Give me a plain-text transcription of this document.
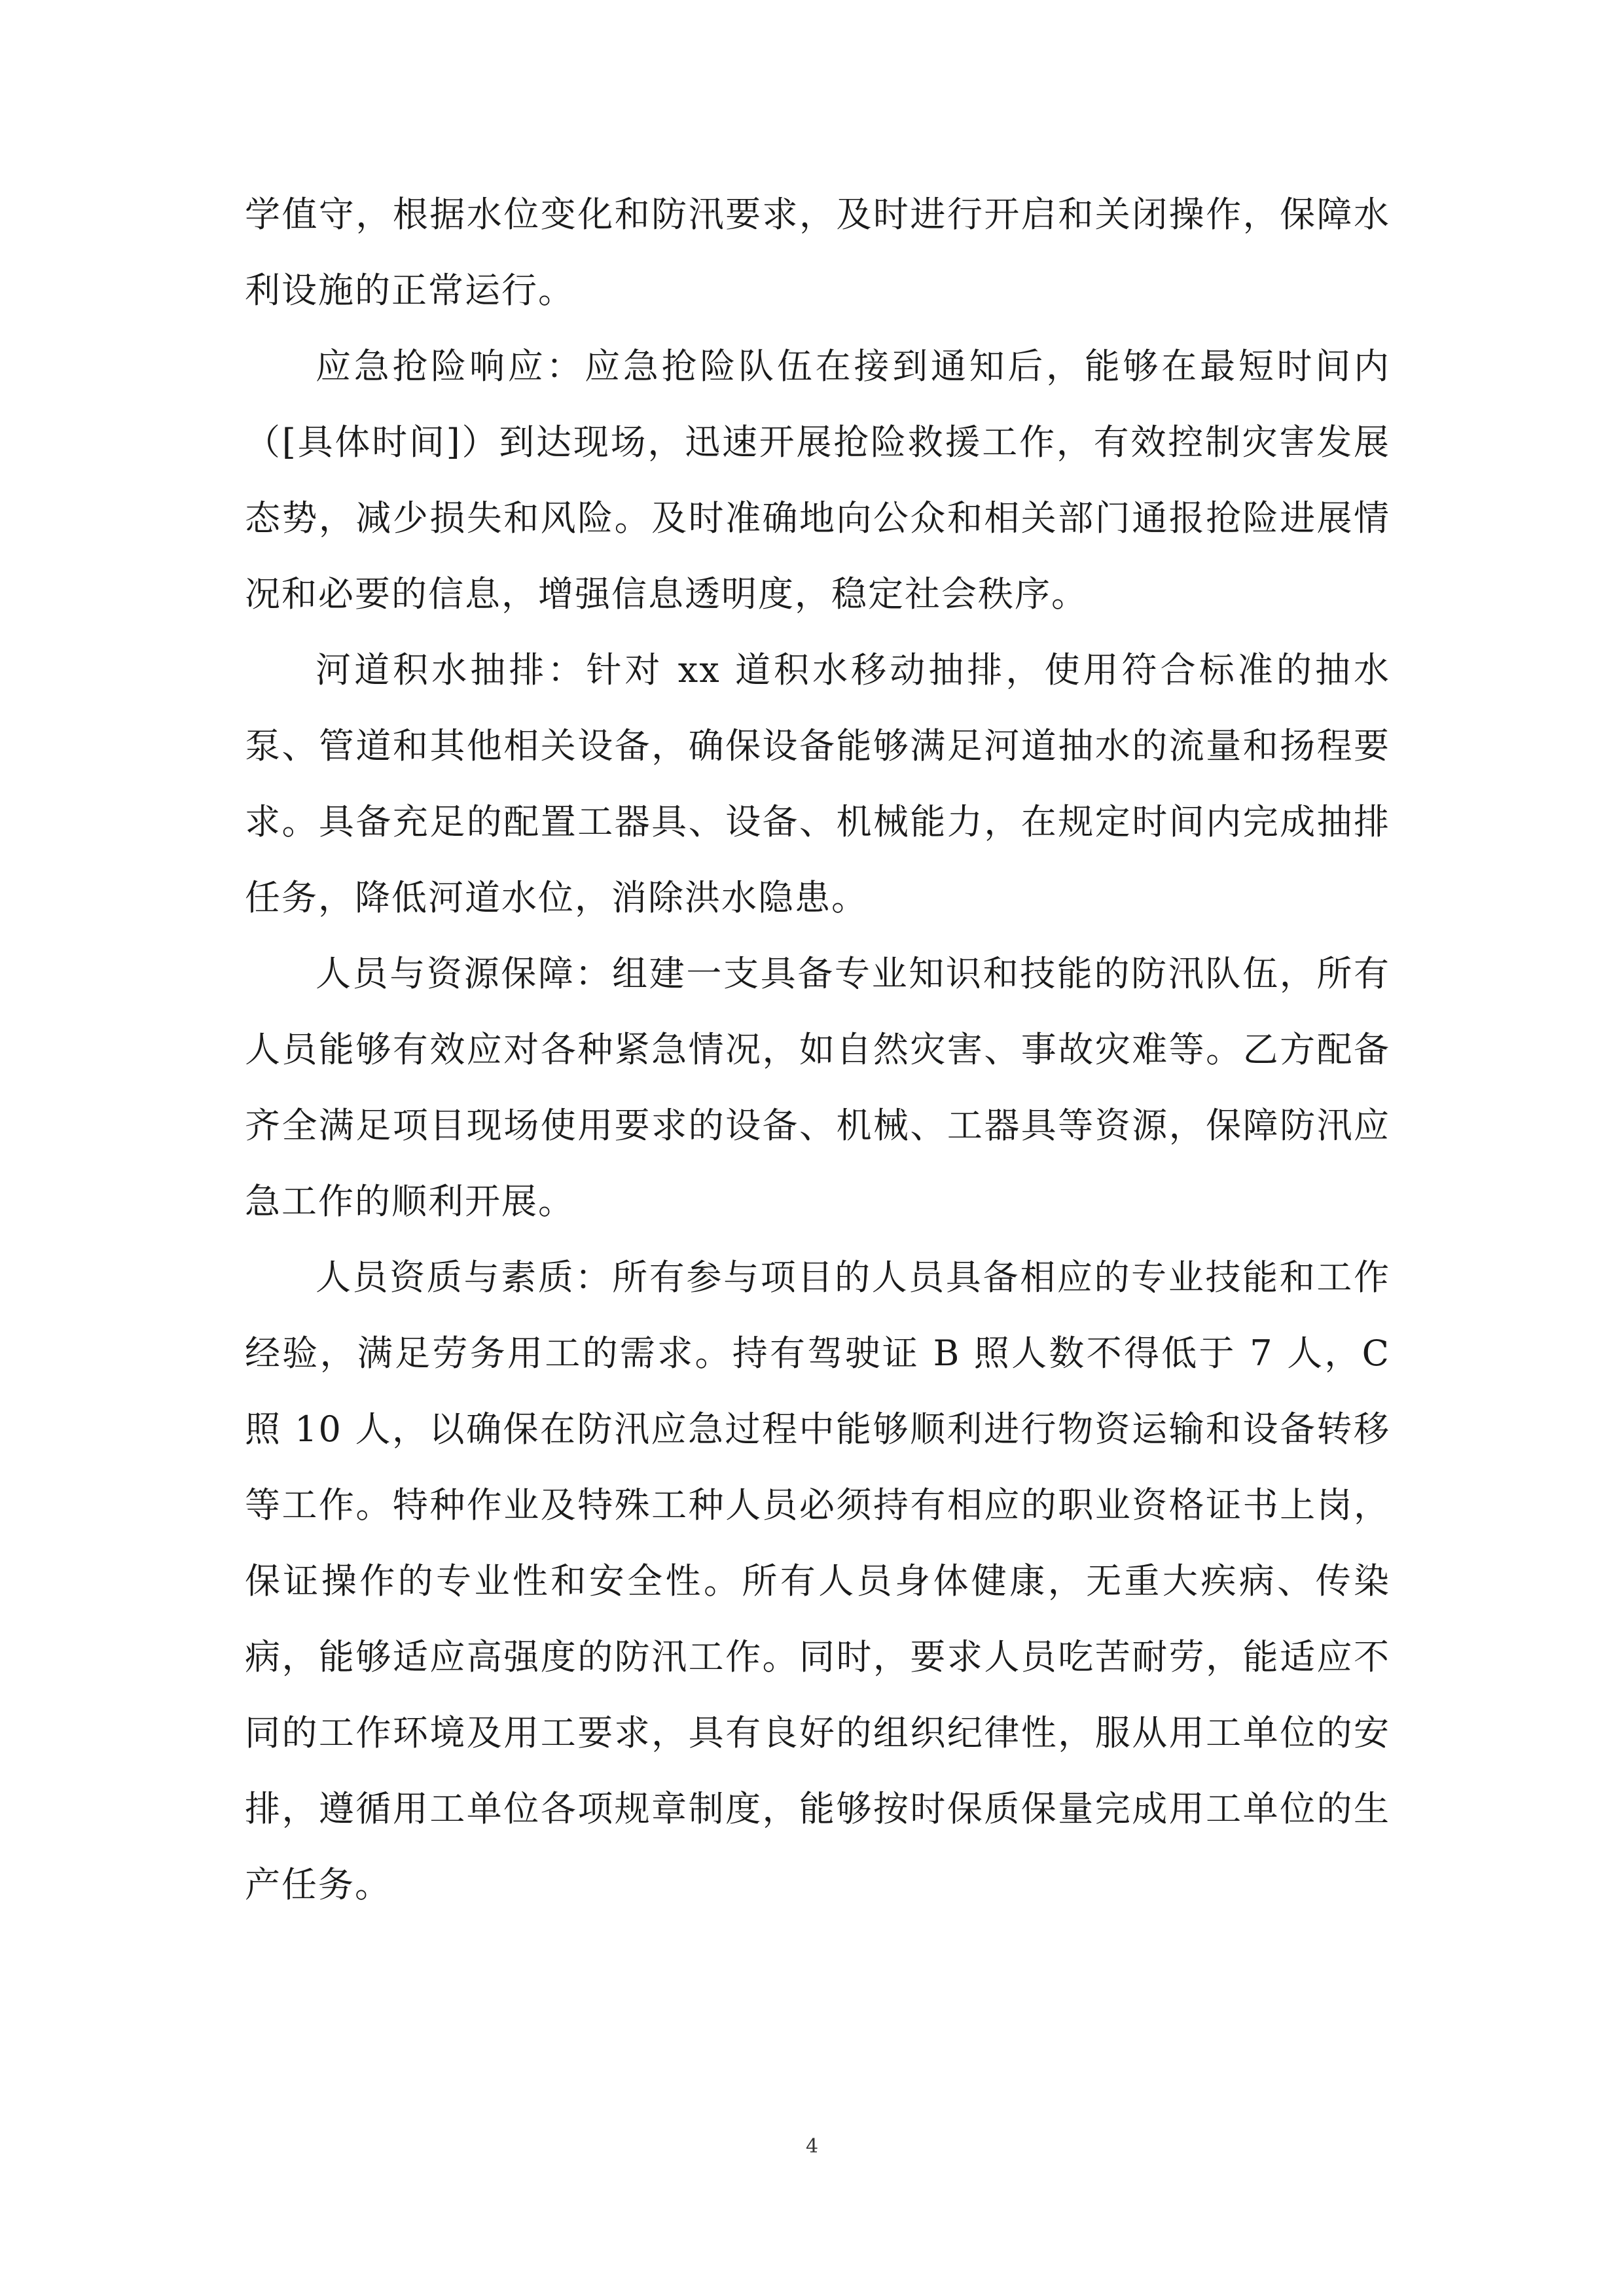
学值守，根据水位变化和防汛要求，及时进行开启和关闭操作，保障水利设施的正常运行。

应急抢险响应：应急抢险队伍在接到通知后，能够在最短时间内（[具体时间]）到达现场，迅速开展抢险救援工作，有效控制灾害发展态势，减少损失和风险。及时准确地向公众和相关部门通报抢险进展情况和必要的信息，增强信息透明度，稳定社会秩序。

河道积水抽排：针对 xx 道积水移动抽排，使用符合标准的抽水泵、管道和其他相关设备，确保设备能够满足河道抽水的流量和扬程要求。具备充足的配置工器具、设备、机械能力，在规定时间内完成抽排任务，降低河道水位，消除洪水隐患。

人员与资源保障：组建一支具备专业知识和技能的防汛队伍，所有人员能够有效应对各种紧急情况，如自然灾害、事故灾难等。乙方配备齐全满足项目现场使用要求的设备、机械、工器具等资源，保障防汛应急工作的顺利开展。

人员资质与素质：所有参与项目的人员具备相应的专业技能和工作经验，满足劳务用工的需求。持有驾驶证 B 照人数不得低于 7 人，C 照 10 人，以确保在防汛应急过程中能够顺利进行物资运输和设备转移等工作。特种作业及特殊工种人员必须持有相应的职业资格证书上岗，保证操作的专业性和安全性。所有人员身体健康，无重大疾病、传染病，能够适应高强度的防汛工作。同时，要求人员吃苦耐劳，能适应不同的工作环境及用工要求，具有良好的组织纪律性，服从用工单位的安排，遵循用工单位各项规章制度，能够按时保质保量完成用工单位的生产任务。

4
